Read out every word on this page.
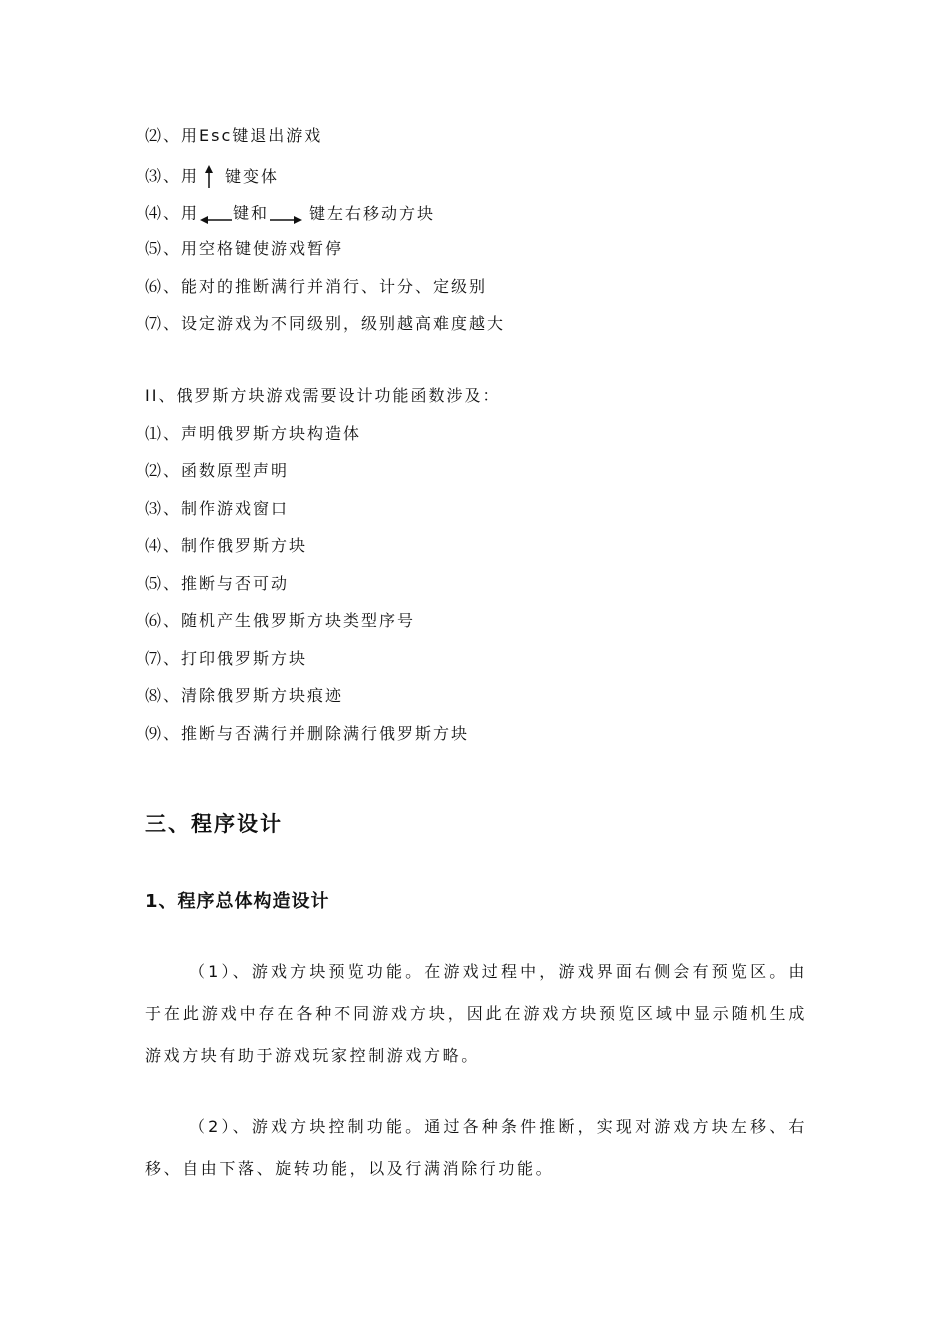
⑵、用Esc键退出游戏
⑶、用 键变体
⑷、用 键和	键左右移动方块
⑸、用空格键使游戏暂停
⑹、能对的推断满行并消行、计分、定级别
⑺、设定游戏为不同级别，级别越高难度越大
II、俄罗斯方块游戏需要设计功能函数涉及：
⑴、声明俄罗斯方块构造体
⑵、函数原型声明
⑶、制作游戏窗口
⑷、制作俄罗斯方块
⑸、推断与否可动
⑹、随机产生俄罗斯方块类型序号
⑺、打印俄罗斯方块
⑻、清除俄罗斯方块痕迹
⑼、推断与否满行并删除满行俄罗斯方块
三、程序设计
1、程序总体构造设计
（1）、游戏方块预览功能。在游戏过程中，游戏界面右侧会有预览区。由于在此游戏中存在各种不同游戏方块，因此在游戏方块预览区域中显示随机生成游戏方块有助于游戏玩家控制游戏方略。
（2）、游戏方块控制功能。通过各种条件推断，实现对游戏方块左移、右移、自由下落、旋转功能，以及行满消除行功能。
